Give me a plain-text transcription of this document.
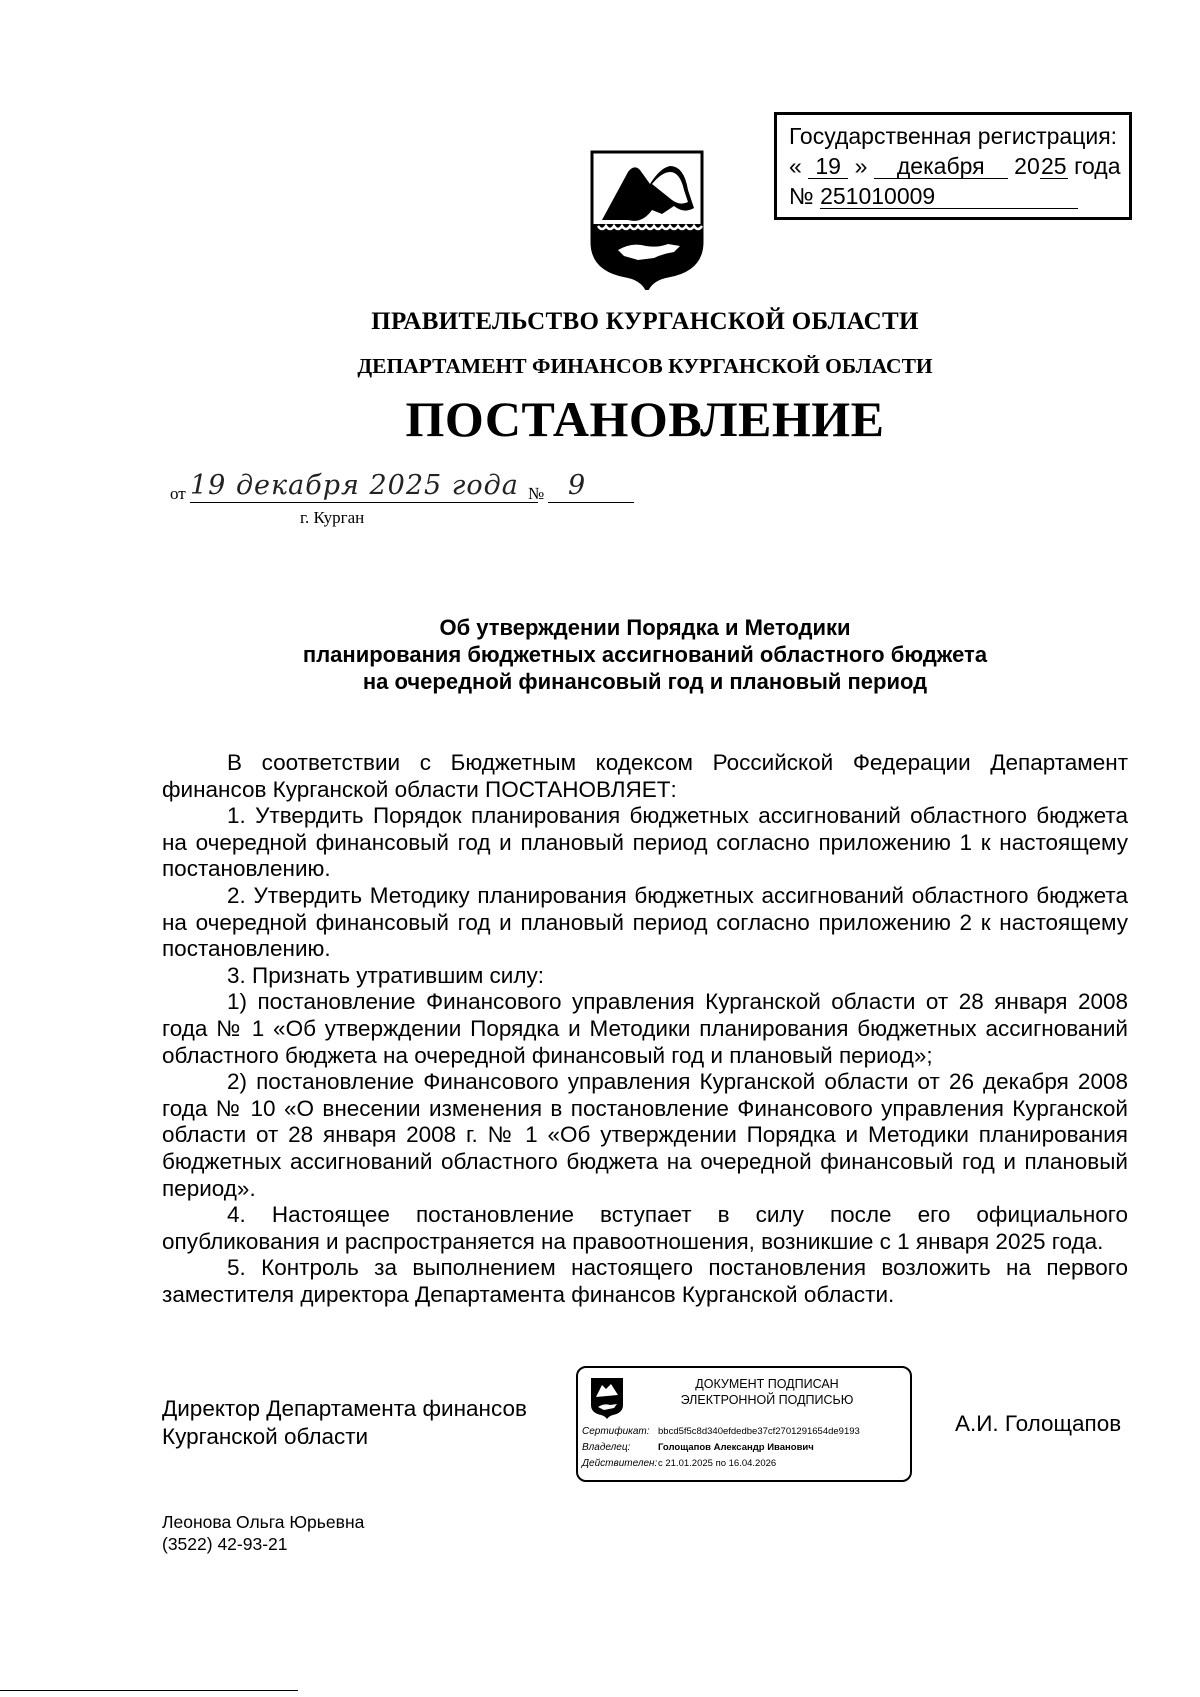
Государственная регистрация:
« 19 » декабря 2025 года
№ 251010009
ПРАВИТЕЛЬСТВО КУРГАНСКОЙ ОБЛАСТИ
ДЕПАРТАМЕНТ ФИНАНСОВ КУРГАНСКОЙ ОБЛАСТИ
ПОСТАНОВЛЕНИЕ
от 19 декабря 2025 года № 9
г. Курган
Об утверждении Порядка и Методики
планирования бюджетных ассигнований областного бюджета
на очередной финансовый год и плановый период

В соответствии с Бюджетным кодексом Российской Федерации Департамент финансов Курганской области ПОСТАНОВЛЯЕТ:

1. Утвердить Порядок планирования бюджетных ассигнований областного бюджета на очередной финансовый год и плановый период согласно приложению 1 к настоящему постановлению.

2. Утвердить Методику планирования бюджетных ассигнований областного бюджета на очередной финансовый год и плановый период согласно приложению 2 к настоящему постановлению.

3. Признать утратившим силу:

1) постановление Финансового управления Курганской области от 28 января 2008 года № 1 «Об утверждении Порядка и Методики планирования бюджетных ассигнований областного бюджета на очередной финансовый год и плановый период»;

2) постановление Финансового управления Курганской области от 26 декабря 2008 года № 10 «О внесении изменения в постановление Финансового управления Курганской области от 28 января 2008 г. № 1 «Об утверждении Порядка и Методики планирования бюджетных ассигнований областного бюджета на очередной финансовый год и плановый период».

4. Настоящее постановление вступает в силу после его официального опубликования и распространяется на правоотношения, возникшие с 1 января 2025 года.

5. Контроль за выполнением настоящего постановления возложить на первого заместителя директора Департамента финансов Курганской области.

Директор Департамента финансов
Курганской области
ДОКУМЕНТ ПОДПИСАН
ЭЛЕКТРОННОЙ ПОДПИСЬЮ
Сертификат: bbcd5f5c8d340efdedbe37cf2701291654de9193
Владелец:	Голощапов Александр Иванович
Действителен:с 21.01.2025 по 16.04.2026
А.И. Голощапов
Леонова Ольга Юрьевна
(3522) 42-93-21
